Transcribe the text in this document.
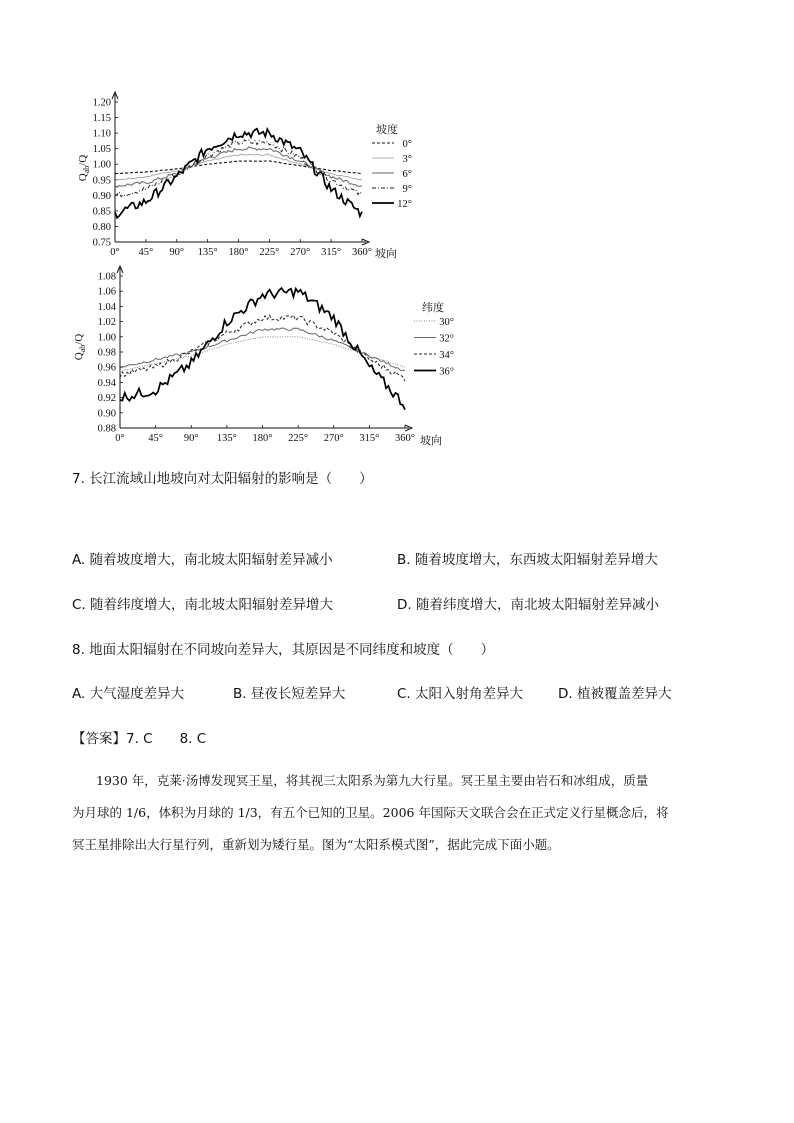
$Q_{ab}/Q$
1.20
1.15
1.10
1.05
1.00
0.95
0.90
0.85
0.80
0.75
0° 45° 90° 135° 180° 225° 270° 315° 360° 坡向
坡度
0°
3°
6°
9°
12°
$Q_{ab}/Q$
1.08
1.06
1.04
1.02
1.00
0.98
0.96
0.94
0.92
0.90
0.88
0° 45° 90° 135° 180° 225° 270° 315° 360° 坡向
纬度
30°
32°
34°
36°
7. 长江流域山地坡向对太阳辐射的影响是（　　）
A. 随着坡度增大，南北坡太阳辐射差异减小	B. 随着坡度增大，东西坡太阳辐射差异增大
C. 随着纬度增大，南北坡太阳辐射差异增大	D. 随着纬度增大，南北坡太阳辐射差异减小
8. 地面太阳辐射在不同坡向差异大，其原因是不同纬度和坡度（　　）
A. 大气湿度差异大	B. 昼夜长短差异大	C. 太阳入射角差异大	D. 植被覆盖差异大
【答案】7. C　　8. C
1930 年，克莱·汤博发现冥王星，将其视三太阳系为第九大行星。冥王星主要由岩石和冰组成，质量
为月球的 1/6，体积为月球的 1/3，有五个已知的卫星。2006 年国际天文联合会在正式定义行星概念后，将
冥王星排除出大行星行列，重新划为矮行星。图为“太阳系模式图”，据此完成下面小题。
